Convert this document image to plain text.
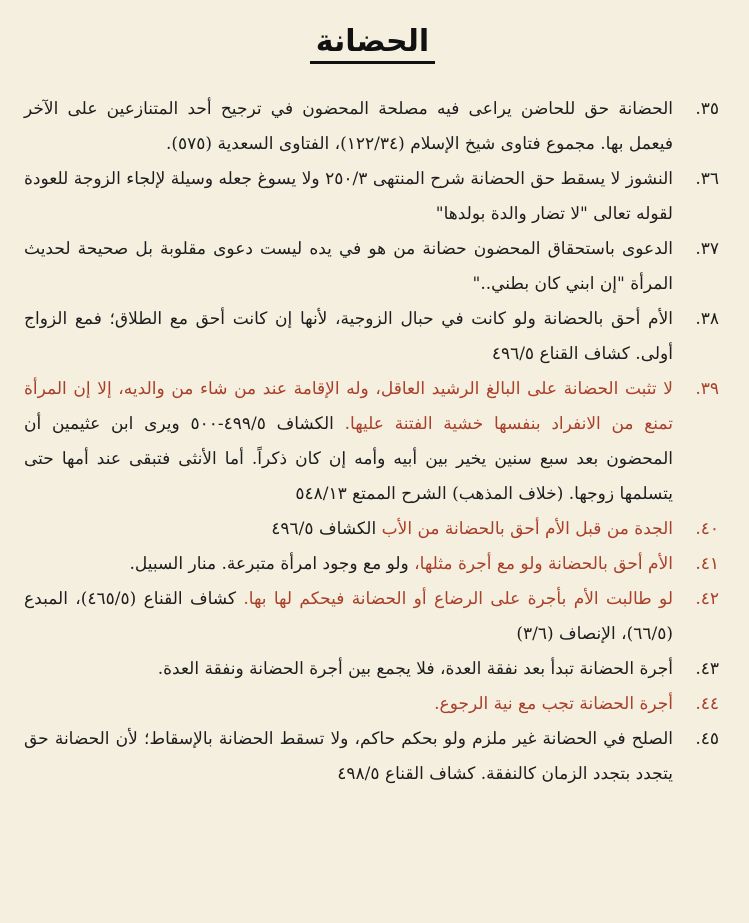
الحضانة
٣٥.
الحضانة حق للحاضن يراعى فيه مصلحة المحضون في ترجيح أحد المتنازعين على الآخر فيعمل بها. مجموع فتاوى شيخ الإسلام (١٢٢/٣٤)، الفتاوى السعدية (٥٧٥).
٣٦.
النشوز لا يسقط حق الحضانة شرح المنتهى ٢٥٠/٣ ولا يسوغ جعله وسيلة لإلجاء الزوجة للعودة لقوله تعالى "لا تضار والدة بولدها"
٣٧.
الدعوى باستحقاق المحضون حضانة من هو في يده ليست دعوى مقلوبة بل صحيحة لحديث المرأة "إن ابني كان بطني.."
٣٨.
الأم أحق بالحضانة ولو كانت في حبال الزوجية، لأنها إن كانت أحق مع الطلاق؛ فمع الزواج أولى. كشاف القناع ٤٩٦/٥
٣٩.
لا تثبت الحضانة على البالغ الرشيد العاقل، وله الإقامة عند من شاء من والديه، إلا إن المرأة تمنع من الانفراد بنفسها خشية الفتنة عليها. الكشاف ٤٩٩/٥-٥٠٠ ويرى ابن عثيمين أن المحضون بعد سبع سنين يخير بين أبيه وأمه إن كان ذكراً. أما الأنثى فتبقى عند أمها حتى يتسلمها زوجها. (خلاف المذهب) الشرح الممتع ٥٤٨/١٣
٤٠.
الجدة من قبل الأم أحق بالحضانة من الأب الكشاف ٤٩٦/٥
٤١.
الأم أحق بالحضانة ولو مع أجرة مثلها، ولو مع وجود امرأة متبرعة. منار السبيل.
٤٢.
لو طالبت الأم بأجرة على الرضاع أو الحضانة فيحكم لها بها. كشاف القناع (٤٦٥/٥)، المبدع (٦٦/٥)، الإنصاف (٣/٦)
٤٣.
أجرة الحضانة تبدأ بعد نفقة العدة، فلا يجمع بين أجرة الحضانة ونفقة العدة.
٤٤.
أجرة الحضانة تجب مع نية الرجوع.
٤٥.
الصلح في الحضانة غير ملزم ولو بحكم حاكم، ولا تسقط الحضانة بالإسقاط؛ لأن الحضانة حق يتجدد بتجدد الزمان كالنفقة. كشاف القناع ٤٩٨/٥
